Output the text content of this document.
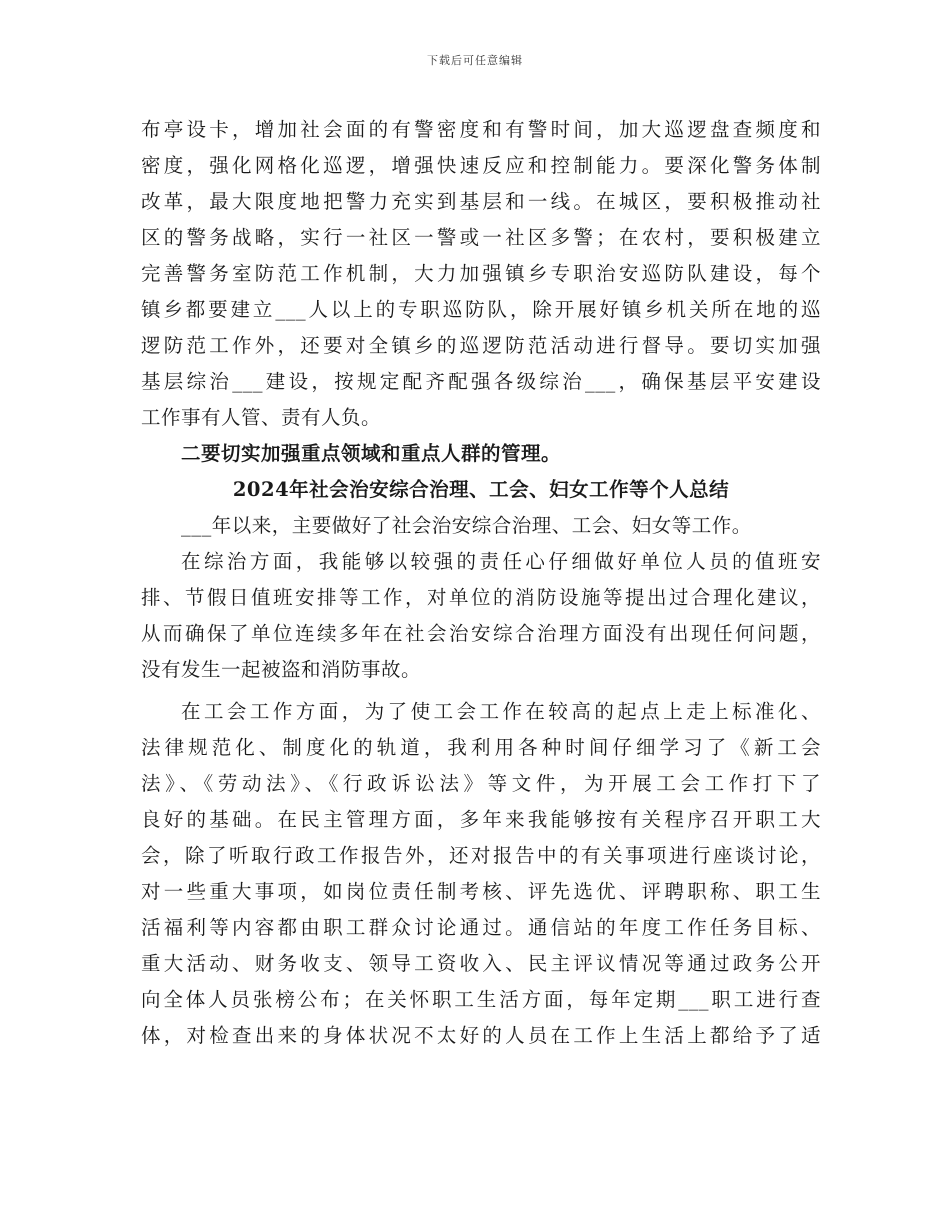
下载后可任意编辑
布亭设卡，增加社会面的有警密度和有警时间，加大巡逻盘查频度和
密度，强化网格化巡逻，增强快速反应和控制能力。要深化警务体制
改革，最大限度地把警力充实到基层和一线。在城区，要积极推动社
区的警务战略，实行一社区一警或一社区多警；在农村，要积极建立
完善警务室防范工作机制，大力加强镇乡专职治安巡防队建设，每个
镇乡都要建立___人以上的专职巡防队，除开展好镇乡机关所在地的巡
逻防范工作外，还要对全镇乡的巡逻防范活动进行督导。要切实加强
基层综治___建设，按规定配齐配强各级综治___，确保基层平安建设
工作事有人管、责有人负。
二要切实加强重点领域和重点人群的管理。
2024年社会治安综合治理、工会、妇女工作等个人总结
___年以来，主要做好了社会治安综合治理、工会、妇女等工作。
在综治方面，我能够以较强的责任心仔细做好单位人员的值班安
排、节假日值班安排等工作，对单位的消防设施等提出过合理化建议，
从而确保了单位连续多年在社会治安综合治理方面没有出现任何问题，
没有发生一起被盗和消防事故。
在工会工作方面，为了使工会工作在较高的起点上走上标准化、
法律规范化、制度化的轨道，我利用各种时间仔细学习了《新工会
法》、《劳动法》、《行政诉讼法》等文件，为开展工会工作打下了
良好的基础。在民主管理方面，多年来我能够按有关程序召开职工大
会，除了听取行政工作报告外，还对报告中的有关事项进行座谈讨论，
对一些重大事项，如岗位责任制考核、评先选优、评聘职称、职工生
活福利等内容都由职工群众讨论通过。通信站的年度工作任务目标、
重大活动、财务收支、领导工资收入、民主评议情况等通过政务公开
向全体人员张榜公布；在关怀职工生活方面，每年定期___职工进行查
体，对检查出来的身体状况不太好的人员在工作上生活上都给予了适
